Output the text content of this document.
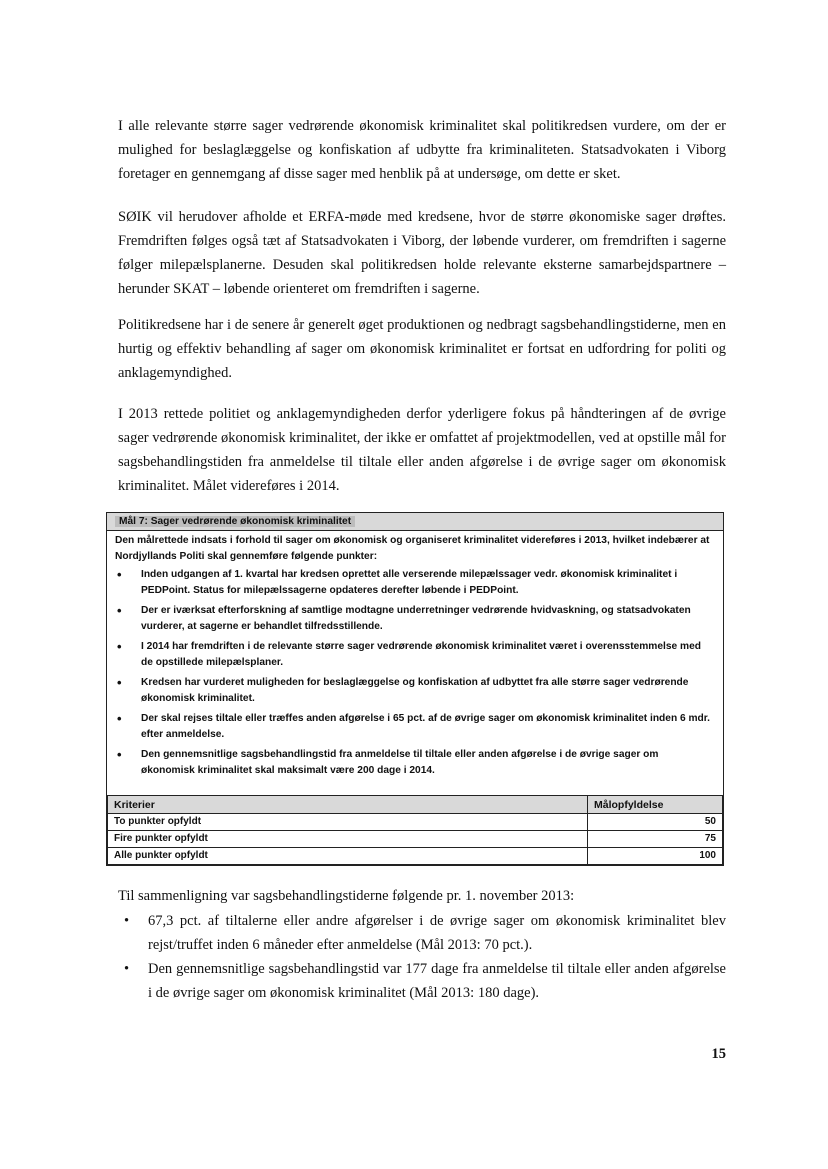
I alle relevante større sager vedrørende økonomisk kriminalitet skal politikredsen vurdere, om der er mulighed for beslaglæggelse og konfiskation af udbytte fra kriminaliteten. Statsadvokaten i Viborg foretager en gennemgang af disse sager med henblik på at undersøge, om dette er sket.

SØIK vil herudover afholde et ERFA-møde med kredsene, hvor de større økonomiske sager drøftes. Fremdriften følges også tæt af Statsadvokaten i Viborg, der løbende vurderer, om fremdriften i sagerne følger milepælsplanerne. Desuden skal politikredsen holde relevante eksterne samarbejdspartnere – herunder SKAT – løbende orienteret om fremdriften i sagerne.

Politikredsene har i de senere år generelt øget produktionen og nedbragt sagsbehandlingstiderne, men en hurtig og effektiv behandling af sager om økonomisk kriminalitet er fortsat en udfordring for politi og anklagemyndighed.

I 2013 rettede politiet og anklagemyndigheden derfor yderligere fokus på håndteringen af de øvrige sager vedrørende økonomisk kriminalitet, der ikke er omfattet af projektmodellen, ved at opstille mål for sagsbehandlingstiden fra anmeldelse til tiltale eller anden afgørelse i de øvrige sager om økonomisk kriminalitet. Målet videreføres i 2014.

Mål 7: Sager vedrørende økonomisk kriminalitet

Den målrettede indsats i forhold til sager om økonomisk og organiseret kriminalitet videreføres i 2013, hvilket indebærer at Nordjyllands Politi skal gennemføre følgende punkter:

• Inden udgangen af 1. kvartal har kredsen oprettet alle verserende milepælssager vedr. økonomisk kriminalitet i PEDPoint. Status for milepælssagerne opdateres derefter løbende i PEDPoint.
• Der er iværksat efterforskning af samtlige modtagne underretninger vedrørende hvidvaskning, og statsadvokaten vurderer, at sagerne er behandlet tilfredsstillende.
• I 2014 har fremdriften i de relevante større sager vedrørende økonomisk kriminalitet været i overensstemmelse med de opstillede milepælsplaner.
• Kredsen har vurderet muligheden for beslaglæggelse og konfiskation af udbyttet fra alle større sager vedrørende økonomisk kriminalitet.
• Der skal rejses tiltale eller træffes anden afgørelse i 65 pct. af de øvrige sager om økonomisk kriminalitet inden 6 mdr. efter anmeldelse.
• Den gennemsnitlige sagsbehandlingstid fra anmeldelse til tiltale eller anden afgørelse i de øvrige sager om økonomisk kriminalitet skal maksimalt være 200 dage i 2014.
Kriterier	Målopfyldelse
To punkter opfyldt	50
Fire punkter opfyldt	75
Alle punkter opfyldt	100

Til sammenligning var sagsbehandlingstiderne følgende pr. 1. november 2013:

• 67,3 pct. af tiltalerne eller andre afgørelser i de øvrige sager om økonomisk kriminalitet blev rejst/truffet inden 6 måneder efter anmeldelse (Mål 2013: 70 pct.).
• Den gennemsnitlige sagsbehandlingstid var 177 dage fra anmeldelse til tiltale eller anden afgørelse i de øvrige sager om økonomisk kriminalitet (Mål 2013: 180 dage).
15
